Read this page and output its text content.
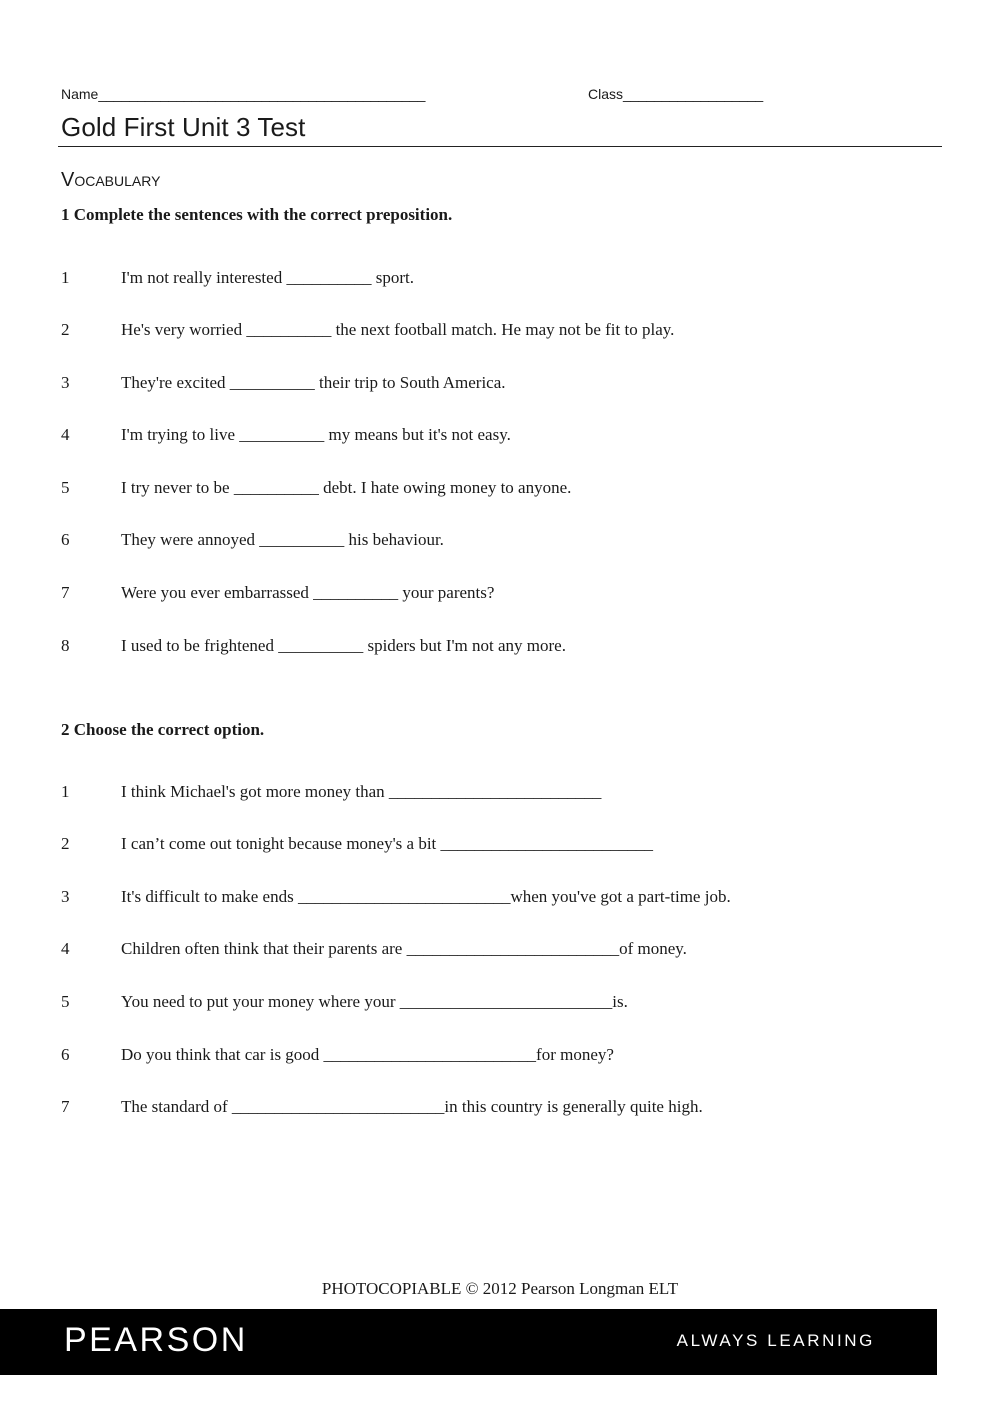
Name__________________________________________	Class__________________
Gold First Unit 3 Test
Vocabulary

1 Complete the sentences with the correct preposition.

1	I'm not really interested __________ sport.
2	He's very worried __________ the next football match. He may not be fit to play.
3	They're excited __________ their trip to South America.
4	I'm trying to live __________ my means but it's not easy.
5	I try never to be __________ debt. I hate owing money to anyone.
6	They were annoyed __________ his behaviour.
7	Were you ever embarrassed __________ your parents?
8	I used to be frightened __________ spiders but I'm not any more.

2 Choose the correct option.

1	I think Michael's got more money than _________________________
2	I can’t come out tonight because money's a bit _________________________
3	It's difficult to make ends _________________________when you've got a part-time job.
4	Children often think that their parents are _________________________of money.
5	You need to put your money where your _________________________is.
6	Do you think that car is good _________________________for money?
7	The standard of _________________________in this country is generally quite high.
PHOTOCOPIABLE © 2012 Pearson Longman ELT
PEARSON	ALWAYS LEARNING
